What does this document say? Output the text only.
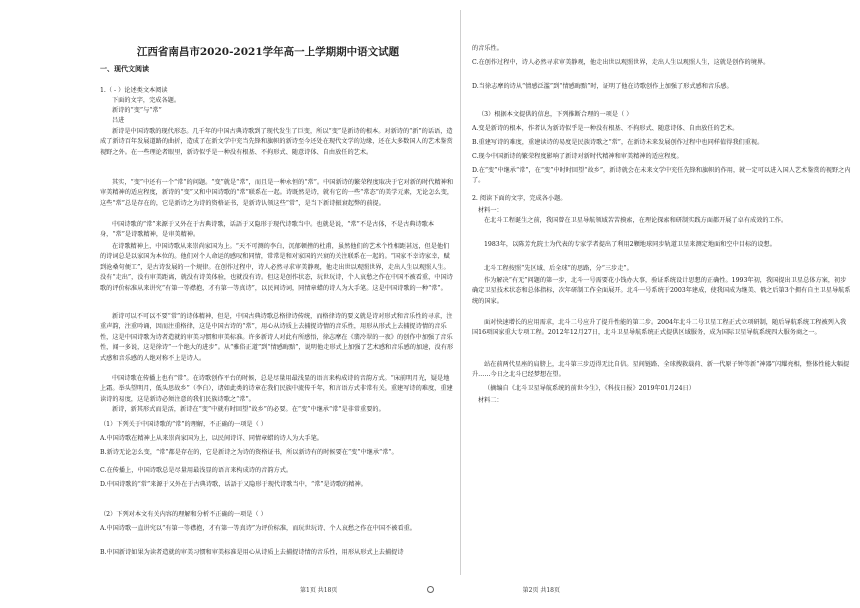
江西省南昌市2020-2021学年高一上学期期中语文试题
一、现代文阅读

1.（ - ）论述类文本阅读

下面的文字，完成各题。

新诗的“变”与“常”

吕进

新诗是中国诗歌的现代形态。几千年的中国古典诗歌到了现代发生了巨变，所以“变”是新诗的根本。对新诗的“新”的话语，造成了新诗百年发展道路的曲折，造成了在新文学中充当先锋和旗帜的新诗至今还处在现代文学的边缘，还在大多数国人的艺术鉴赏视野之外。在一些理论者眼里，新诗似乎是一种没有根基、不拘形式、随意诗体、自由放任的艺术。

其实，“变”中还有一个“常”的问题。“变”就是“常”，而且是一种永恒的“常”。中国新诗的繁荣程度取决于它对新的时代精神和审美精神的适应程度，新诗的“变”又和中国诗歌的“常”联系在一起。诗既然是诗，就有它的一些“常态”的美学元素，无论怎么变，这些“常”总是存在的，它是新诗之为诗的资格证书，是新诗认领这些“常”，是当下新诗振衰起弊的前提。

中国诗歌的“常”来源于又外在于古典诗歌，话語于又隐形于现代诗歌当中。也就是说，“常”不是古体，不是古典诗歌本身，“常”是诗歌精神，是审美精神。

在诗歌精神上，中国诗歌从来崇尚家国为上。“天不可测的李白，沉郁顿挫的杜甫，虽然他们的艺术个性相距甚远，但是他们的诗词总是以家国为本位的。他们对个人命运的感叹和同情，常常是和对家国的兴衰的关注联系在一起的。“国家不幸诗家幸，赋到沧桑句便工”，是古诗发展的一个规律。在创作过程中，诗人必然寻求审美静观，他走出世以观照世界，走出人生以观照人生。没有“走出”，没有审美距离，就没有诗美体验，也就没有诗。但这是创作状态，玩世玩诗，个人哀愁之作在中国不被看重，中国诗歌的评价标准从来讲究“有第一等襟抱，才有第一等真诗”，以民间诗词，同情章蜡的诗人为大手笔。这是中国诗歌的一种“常”。

新诗可以不可以不要“常”的诗体精神，但是，中国古典诗歌总格律诗传统，而格律诗的要义就是诗对形式和音乐性的寻求，注重声韵，注重吟诵，因而注重格律，这是中国古诗的“常”，用心从诗质上去捕捉诗情的音乐性，用形从形式上去捕捉诗情的音乐性，这是中国诗歌为诗者造就的审美习惯和审美标准。许多新诗人对此有所感悟，徐志摩在《翡冷翠的一夜》的创作中加强了音乐性，闻一多说，这是徐诗“一个绝大的进步”。从“雅俗正道”到“情感晦黯”，说明他走形式上加强了艺术感和音乐感的加速，没有形式感和音乐感的人绝对称不上是诗人。

中国诗歌在传播上也有“常”。在诗歌创作平台的时候，总是尽量用最浅显的语言来构成诗的音韵方式。“床前明月光，疑是地上霜。举头望明月，低头思故乡”（李白），诸如此类的诗章在我们民族中流传千年，和言语方式非常有关。重建写诗的难度，重建读诗的易度，这是新诗必须注意的我们民族诗歌之“常”。

新诗，新其形式而是活，新诗在“变”中就有时回望“故乡”的必要。在“变”中继承“常”是非常重要的。

（1）下列关于中国诗歌的“常”的理解，不正确的一项是（ ）

A.中国诗歌在精神上从来崇尚家国为上，以民间诗详、同情章蜡的诗人为大手笔。

B.新诗无论怎么变，“常”都是存在的，它是新诗之为诗的资格证书，所以新诗有的时候要在“变”中继承“常”。

C.在传播上，中国诗歌总是尽量用最浅显的语言来构成诗的音韵方式。

D.中国诗歌的“常”来源于又外在于古典诗歌，话語于又隐形于现代诗歌当中，“常”是诗歌的精神。

（2）下列对本文有关内容的理解和分析不正确的一项是（ ）

A.中国诗歌一直讲究以“有第一等襟抱，才有第一等真诗”为评价标准，而玩世玩诗、个人哀愁之作在中国不被看重。

B.中国新诗如果为读者造就的审美习惯和审美标准是用心从诗质上去捕捉诗情的音乐性，用形从形式上去捕捉诗

的音乐性。

C.在创作过程中，诗人必然寻求审美静观，他走出世以观照世界，走出人生以观照人生，这就是创作的境界。

D.当徐志摩的诗从“情感泛滥”到“情感晦黯”时，证明了他在诗歌创作上加强了形式感和音乐感。

（3）根据本文提供的信息，下列推断合理的一项是（ ）

A.变是新诗的根本，作者认为新诗似乎是一种没有根基、不拘形式、随意诗体、自由放任的艺术。

B.重建写诗的难度，重建读诗的易度是民族诗歌之“常”，在新诗未来发展创作过程中也同样值得我们重视。

C.现今中国新诗的繁荣程度影响了新诗对新时代精神和审美精神的适应程度。

D.在“变”中继承“常”，在“变”中时时回望“故乡”，新诗就会在未来文学中充任先锋和旗帜的作用，就一定可以进入国人艺术鉴赏的视野之内了。

2. 阅读下面的文字，完成各小题。

材料一：

在北斗工程诞生之前，我国曾在卫星导航领域苦苦摸索，在理论探索和研制实践方面都开展了卓有成效的工作。

1983年，以陈芳允院士为代表的专家学者提出了利用2颗地球同步轨道卫星来测定地面和空中目标的设想。

北斗工程按照“先区域、后全球”的思路，分“三步走”。

作为解决“有无”问题的第一步，北斗一号需要花小钱办大事，验证系统设计思想的正确性。1993年初，我国提出卫星总体方案，初步确定卫星技术状态和总体指标，次年研制工作全面展开。北斗一号系统于2003年建成，使我国成为继美、俄之后第3个拥有自主卫星导航系统的国家。

面对快速增长的应用需求，北斗二号应升了提升性能的第二步。2004年北斗二号卫星工程正式立项研制，随后导航系统工程被列入我国16项国家重大专项工程。2012年12月27日，北斗卫星导航系统正式提供区域服务，成为国际卫星导航系统四大服务商之一。

站在前两代星座的肩膀上，北斗第三步迈得无比自信。星间链路、全球搜救载荷、新一代原子钟等新“神器”闪耀亮相，整体性能大幅提升……今日之北斗已经梦想在望。

（摘编自《北斗卫星导航系统的前世今生》，《科技日报》2019年01月24日）

材料二：

第1页 共18页	第2页 共18页
